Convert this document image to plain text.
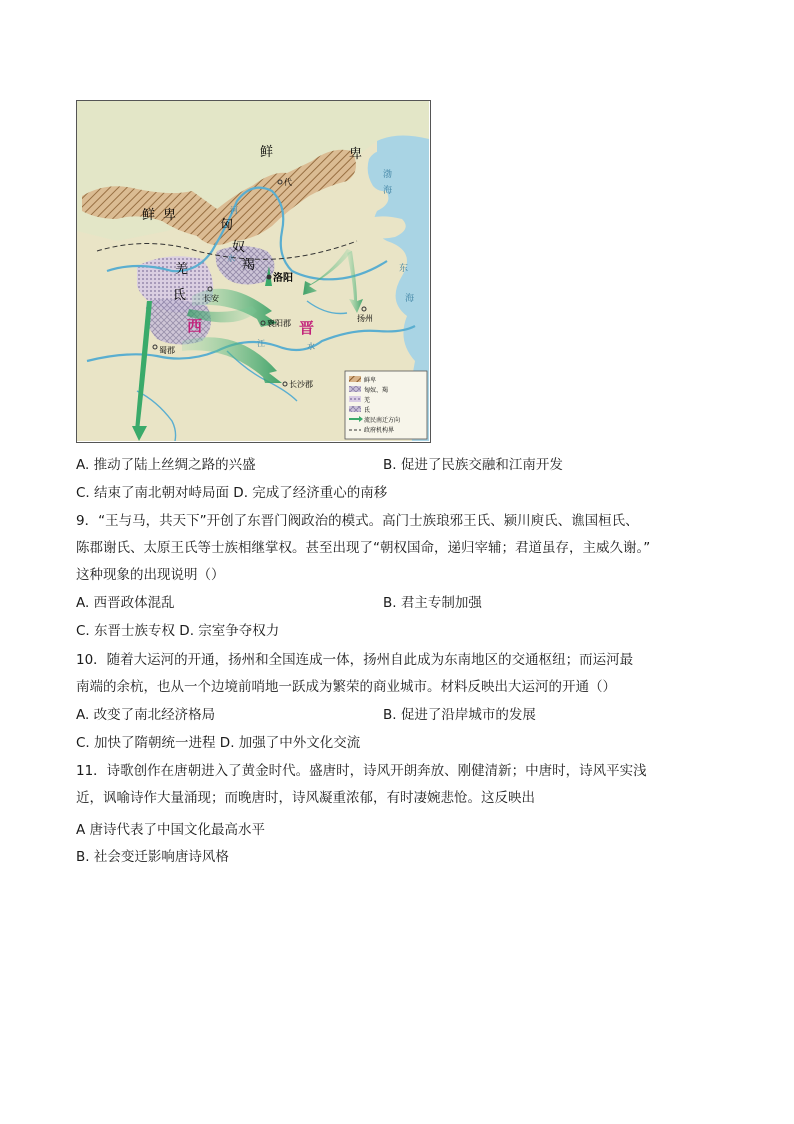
鲜	卑
鲜 卑
匈
奴
羯
羌
氐
代
洛阳
长安
襄阳郡
扬州
蜀郡
长沙郡
西	晋
渤
海
东
海
河
水
江	水
鲜卑
匈奴、羯
羌
氐
流民南迁方向
政府机构界
A. 推动了陆上丝绸之路的兴盛	B. 促进了民族交融和江南开发
C. 结束了南北朝对峙局面 D. 完成了经济重心的南移
9．“王与马，共天下”开创了东晋门阀政治的模式。高门士族琅邪王氏、颍川庾氏、谯国桓氏、
陈郡谢氏、太原王氏等士族相继掌权。甚至出现了“朝权国命，递归宰辅；君道虽存，主威久谢。”
这种现象的出现说明（）
A. 西晋政体混乱	B. 君主专制加强
C. 东晋士族专权 D. 宗室争夺权力
10．随着大运河的开通，扬州和全国连成一体，扬州自此成为东南地区的交通枢纽；而运河最
南端的余杭，也从一个边境前哨地一跃成为繁荣的商业城市。材料反映出大运河的开通（）
A. 改变了南北经济格局	B. 促进了沿岸城市的发展
C. 加快了隋朝统一进程 D. 加强了中外文化交流
11．诗歌创作在唐朝进入了黄金时代。盛唐时，诗风开朗奔放、刚健清新；中唐时，诗风平实浅
近，讽喻诗作大量涌现；而晚唐时，诗风凝重浓郁，有时凄婉悲怆。这反映出
A 唐诗代表了中国文化最高水平
B. 社会变迁影响唐诗风格
